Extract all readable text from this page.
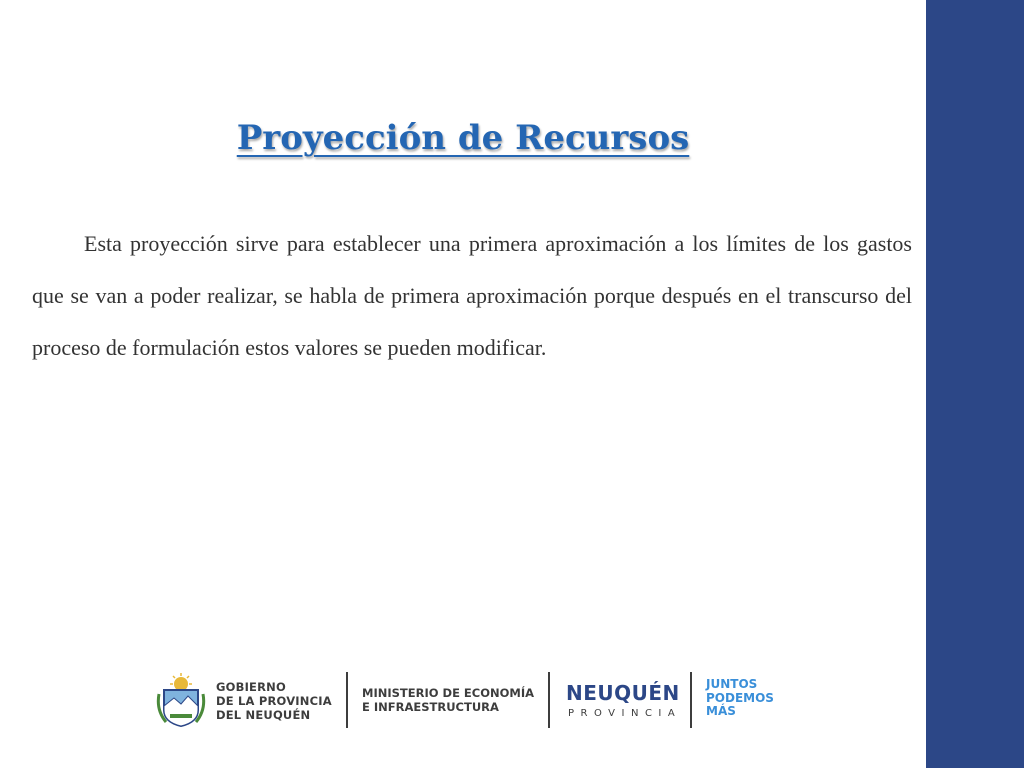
Proyección de Recursos

Esta proyección sirve para establecer una primera aproximación a los límites de los gastos que se van a poder realizar, se habla de primera aproximación porque después en el transcurso del proceso de formulación estos valores se pueden modificar.

GOBIERNO
DE LA PROVINCIA
DEL NEUQUÉN
MINISTERIO DE ECONOMÍA
E INFRAESTRUCTURA
NEUQUÉN
PROVINCIA
JUNTOS
PODEMOS
MÁS
